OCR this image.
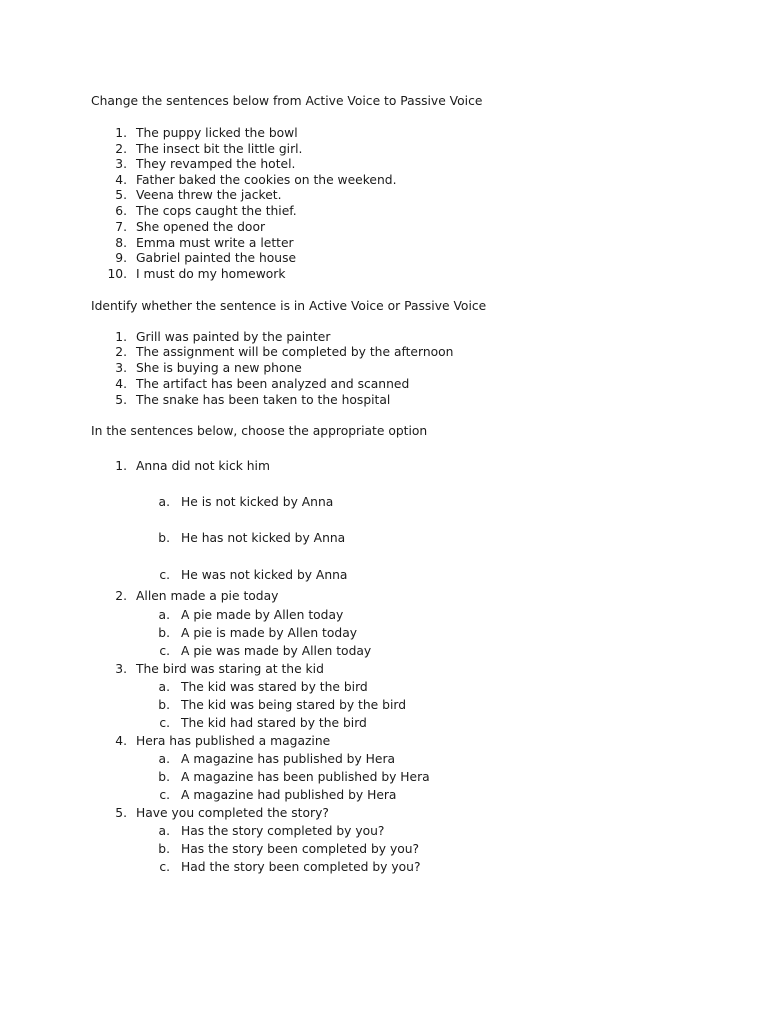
Change the sentences below from Active Voice to Passive Voice
1. The puppy licked the bowl
2. The insect bit the little girl.
3. They revamped the hotel.
4. Father baked the cookies on the weekend.
5. Veena threw the jacket.
6. The cops caught the thief.
7. She opened the door
8. Emma must write a letter
9. Gabriel painted the house
10. I must do my homework
Identify whether the sentence is in Active Voice or Passive Voice
1. Grill was painted by the painter
2. The assignment will be completed by the afternoon
3. She is buying a new phone
4. The artifact has been analyzed and scanned
5. The snake has been taken to the hospital
In the sentences below, choose the appropriate option
1. Anna did not kick him
a. He is not kicked by Anna
b. He has not kicked by Anna
c. He was not kicked by Anna
2. Allen made a pie today
a. A pie made by Allen today
b. A pie is made by Allen today
c. A pie was made by Allen today
3. The bird was staring at the kid
a. The kid was stared by the bird
b. The kid was being stared by the bird
c. The kid had stared by the bird
4. Hera has published a magazine
a. A magazine has published by Hera
b. A magazine has been published by Hera
c. A magazine had published by Hera
5. Have you completed the story?
a. Has the story completed by you?
b. Has the story been completed by you?
c. Had the story been completed by you?
